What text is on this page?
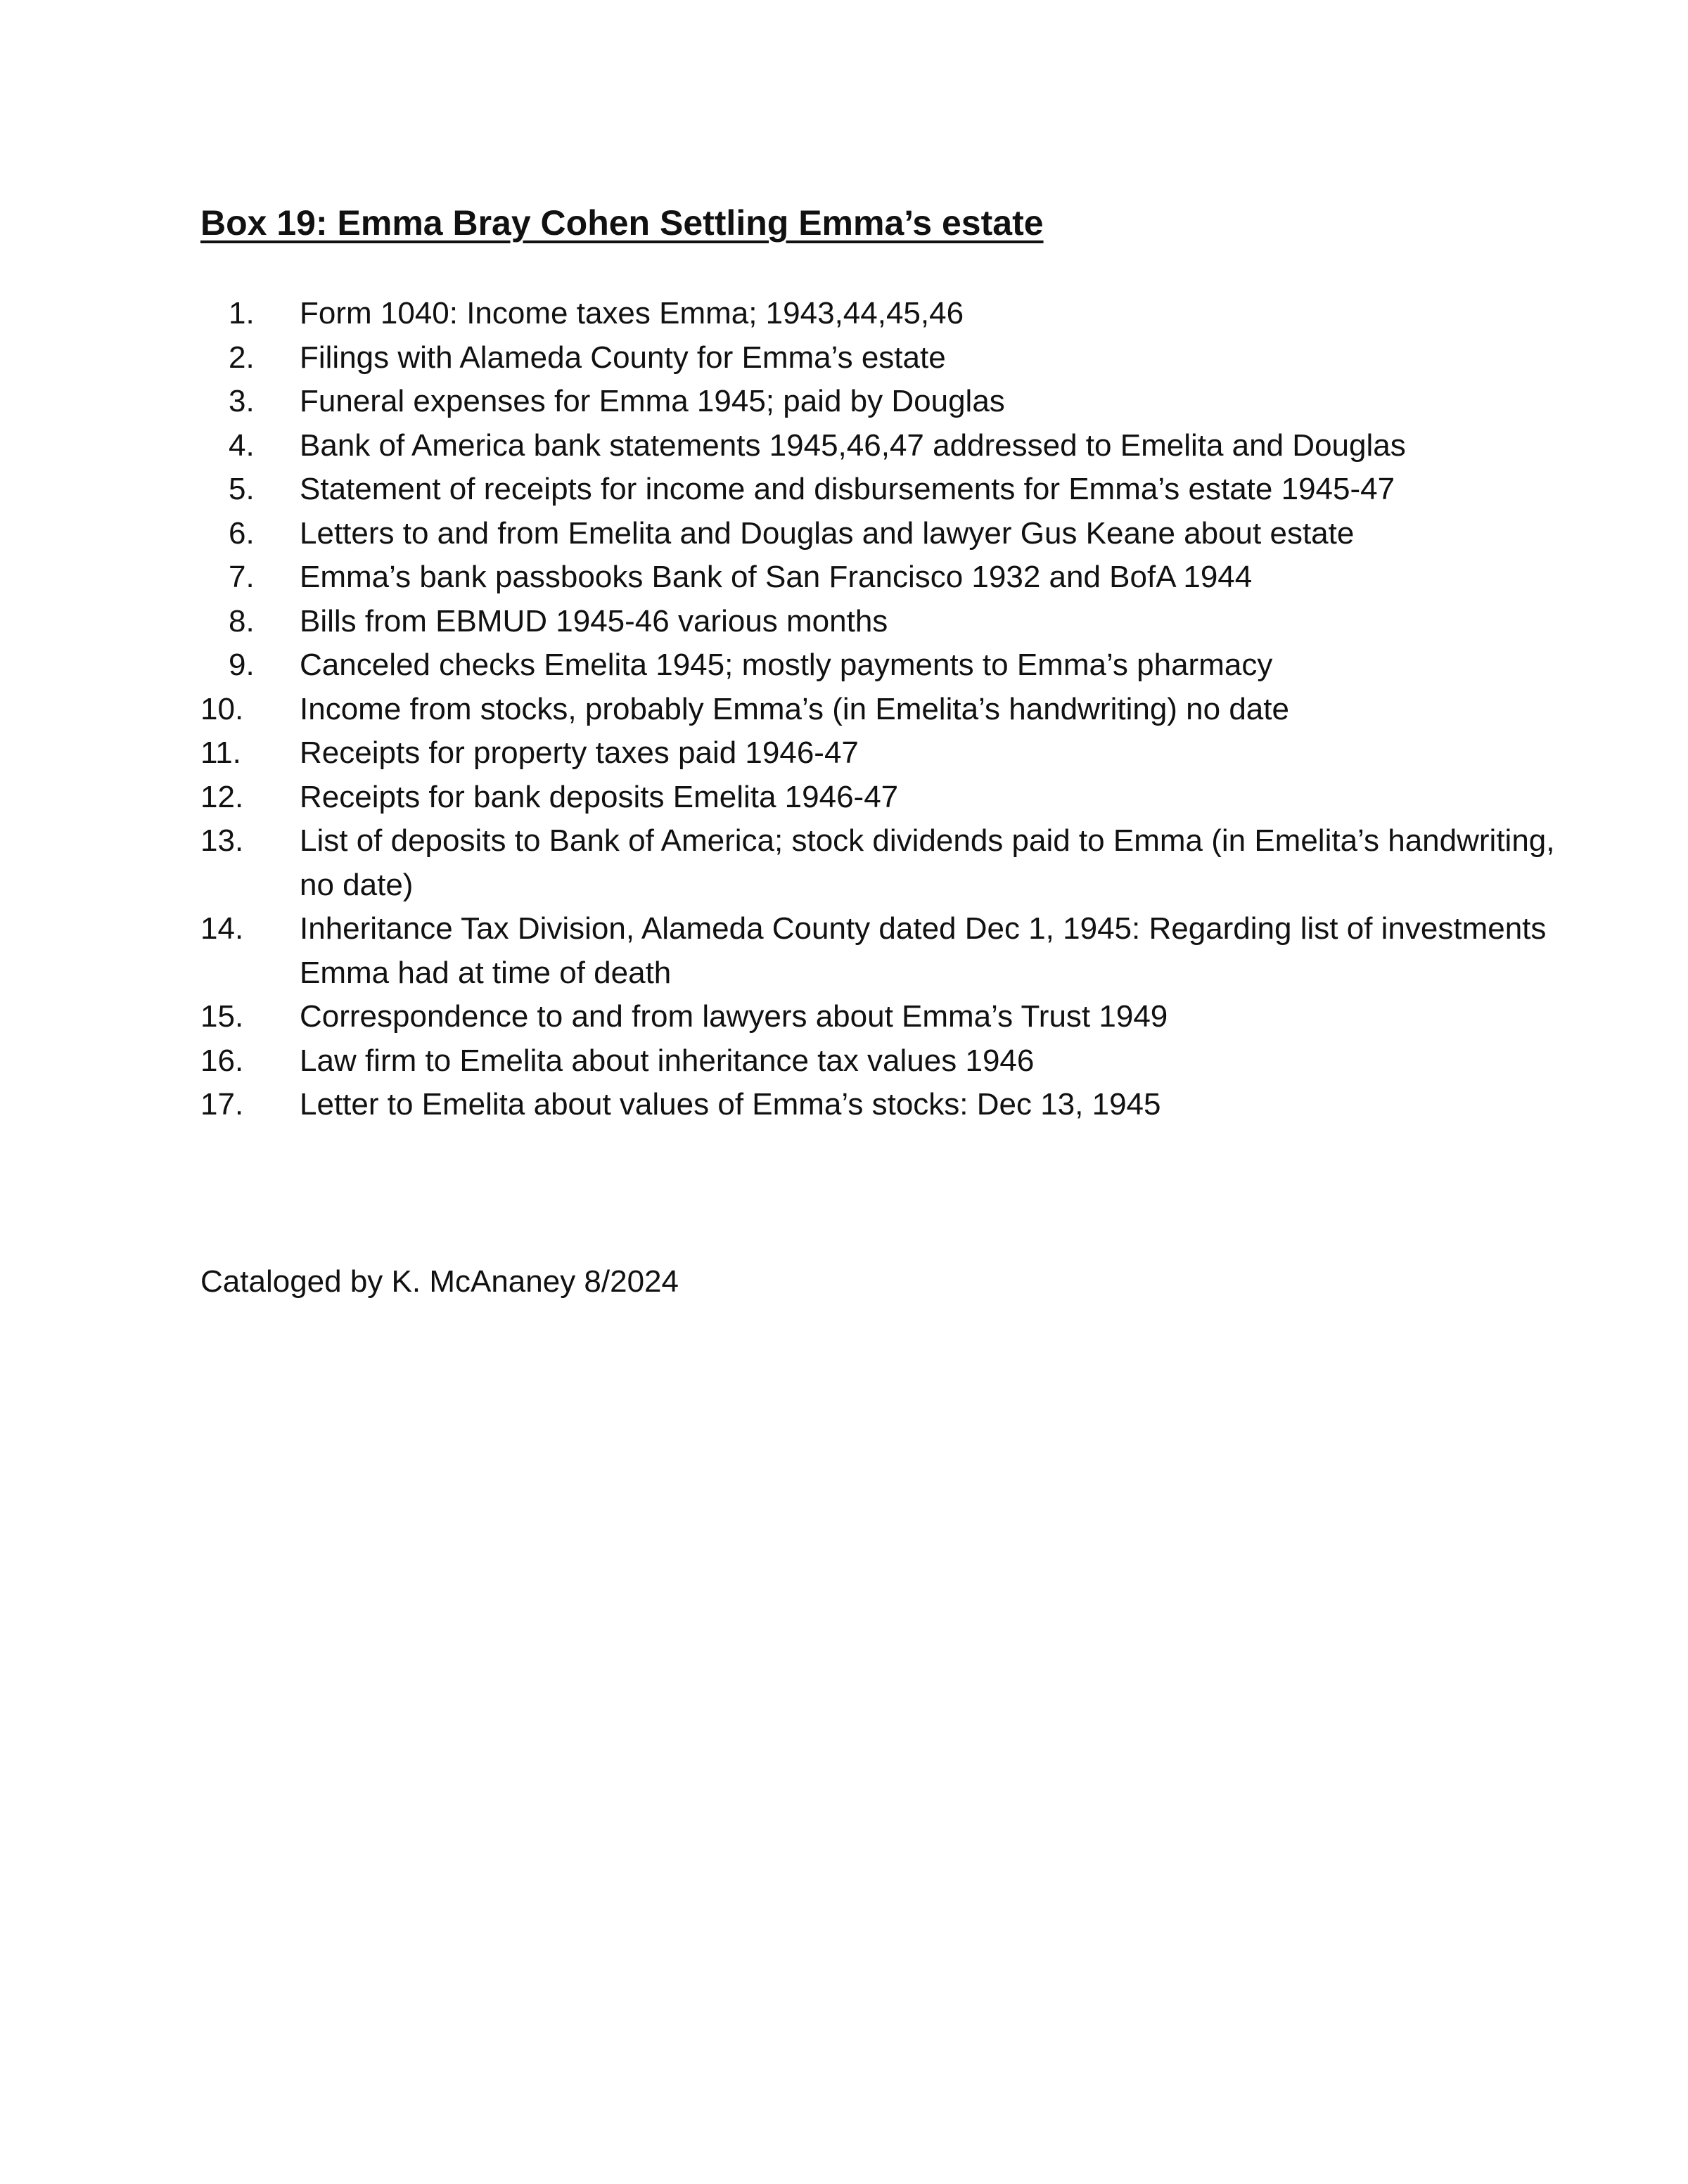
Box 19: Emma Bray Cohen Settling Emma’s estate
1.	Form 1040: Income taxes Emma; 1943,44,45,46
2.	Filings with Alameda County for Emma’s estate
3.	Funeral expenses for Emma 1945; paid by Douglas
4.	Bank of America bank statements 1945,46,47 addressed to Emelita and Douglas
5.	Statement of receipts for income and disbursements for Emma’s estate 1945-47
6.	Letters to and from Emelita and Douglas and lawyer Gus Keane about estate
7.	Emma’s bank passbooks Bank of San Francisco 1932 and BofA 1944
8.	Bills from EBMUD 1945-46 various months
9.	Canceled checks Emelita 1945; mostly payments to Emma’s pharmacy
10.	Income from stocks, probably Emma’s (in Emelita’s handwriting) no date
11.	Receipts for property taxes paid 1946-47
12.	Receipts for bank deposits Emelita 1946-47
13.	List of deposits to Bank of America; stock dividends paid to Emma (in Emelita’s handwriting, no date)
14.	Inheritance Tax Division, Alameda County dated Dec 1, 1945: Regarding list of investments Emma had at time of death
15.	Correspondence to and from lawyers about Emma’s Trust 1949
16.	Law firm to Emelita about inheritance tax values 1946
17.	Letter to Emelita about values of Emma’s stocks: Dec 13, 1945

Cataloged by K. McAnaney 8/2024
